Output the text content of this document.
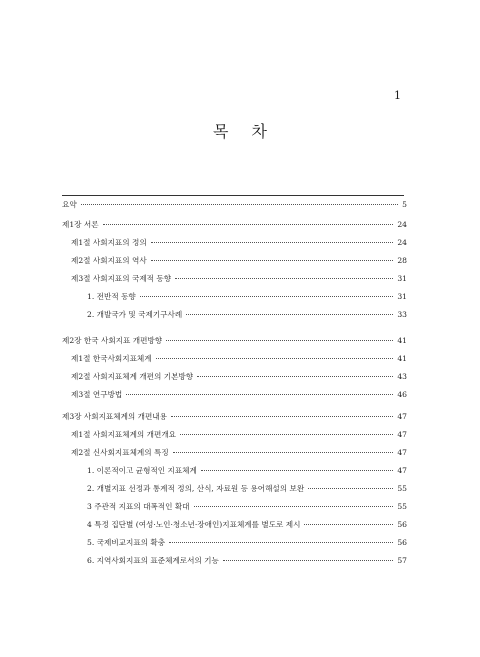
1
목 차
요약	5
제1장 서론	24
제1절 사회지표의 정의	24
제2절 사회지표의 역사	28
제3절 사회지표의 국제적 동향	31
1. 전반적 동향	31
2. 개발국가 및 국제기구사례	33
제2장 한국 사회지표 개편방향	41
제1절 한국사회지표체계	41
제2절 사회지표체계 개편의 기본방향	43
제3절 연구방법	46
제3장 사회지표체계의 개편내용	47
제1절 사회지표체계의 개편개요	47
제2절 신사회지표체계의 특징	47
1. 이론적이고 균형적인 지표체계	47
2. 개별지표 선정과 통계적 정의, 산식, 자료원 등 용어해설의 보완	55
3 주관적 지표의 대폭적인 확대	55
4 특정 집단별 (여성·노인·청소년·장애인)지표체계를 별도로 제시	56
5. 국제비교지표의 확충	56
6. 지역사회지표의 표준체계로서의 기능	57
